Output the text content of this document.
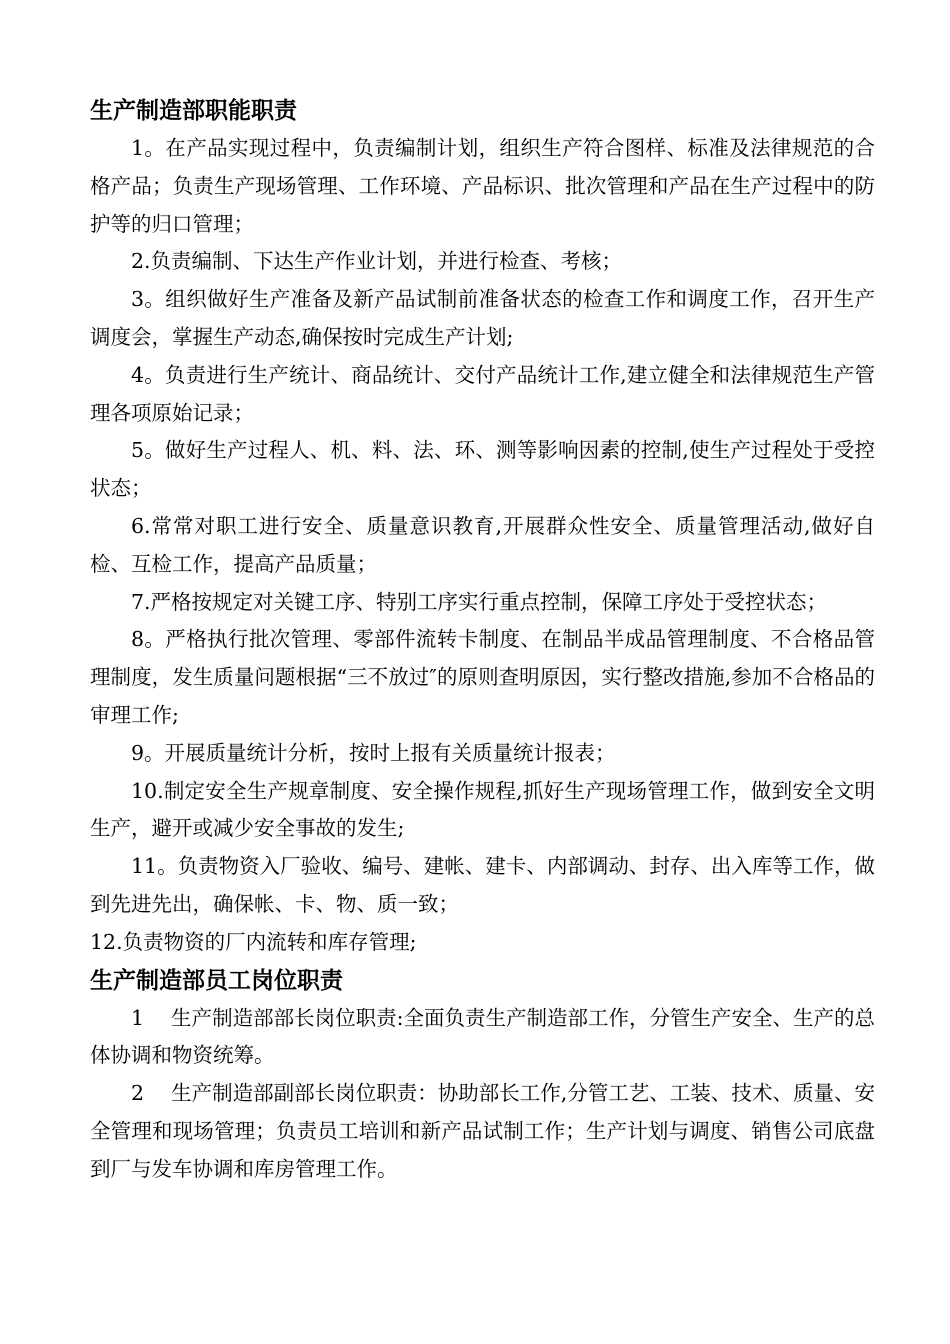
生产制造部职能职责

1。在产品实现过程中，负责编制计划，组织生产符合图样、标准及法律规范的合格产品；负责生产现场管理、工作环境、产品标识、批次管理和产品在生产过程中的防护等的归口管理；

2.负责编制、下达生产作业计划，并进行检查、考核；

3。组织做好生产准备及新产品试制前准备状态的检查工作和调度工作，召开生产调度会，掌握生产动态,确保按时完成生产计划;

4。负责进行生产统计、商品统计、交付产品统计工作,建立健全和法律规范生产管理各项原始记录；

5。做好生产过程人、机、料、法、环、测等影响因素的控制,使生产过程处于受控状态；

6.常常对职工进行安全、质量意识教育,开展群众性安全、质量管理活动,做好自检、互检工作，提高产品质量；

7.严格按规定对关键工序、特别工序实行重点控制，保障工序处于受控状态；

8。严格执行批次管理、零部件流转卡制度、在制品半成品管理制度、不合格品管理制度，发生质量问题根据“三不放过″的原则查明原因，实行整改措施,参加不合格品的审理工作;

9。开展质量统计分析，按时上报有关质量统计报表；

10.制定安全生产规章制度、安全操作规程,抓好生产现场管理工作，做到安全文明生产，避开或减少安全事故的发生;

11。负责物资入厂验收、编号、建帐、建卡、内部调动、封存、出入库等工作，做到先进先出，确保帐、卡、物、质一致；

12.负责物资的厂内流转和库存管理;

生产制造部员工岗位职责

1　 生产制造部部长岗位职责:全面负责生产制造部工作，分管生产安全、生产的总体协调和物资统筹。

2　 生产制造部副部长岗位职责：协助部长工作,分管工艺、工装、技术、质量、安全管理和现场管理；负责员工培训和新产品试制工作；生产计划与调度、销售公司底盘到厂与发车协调和库房管理工作。
